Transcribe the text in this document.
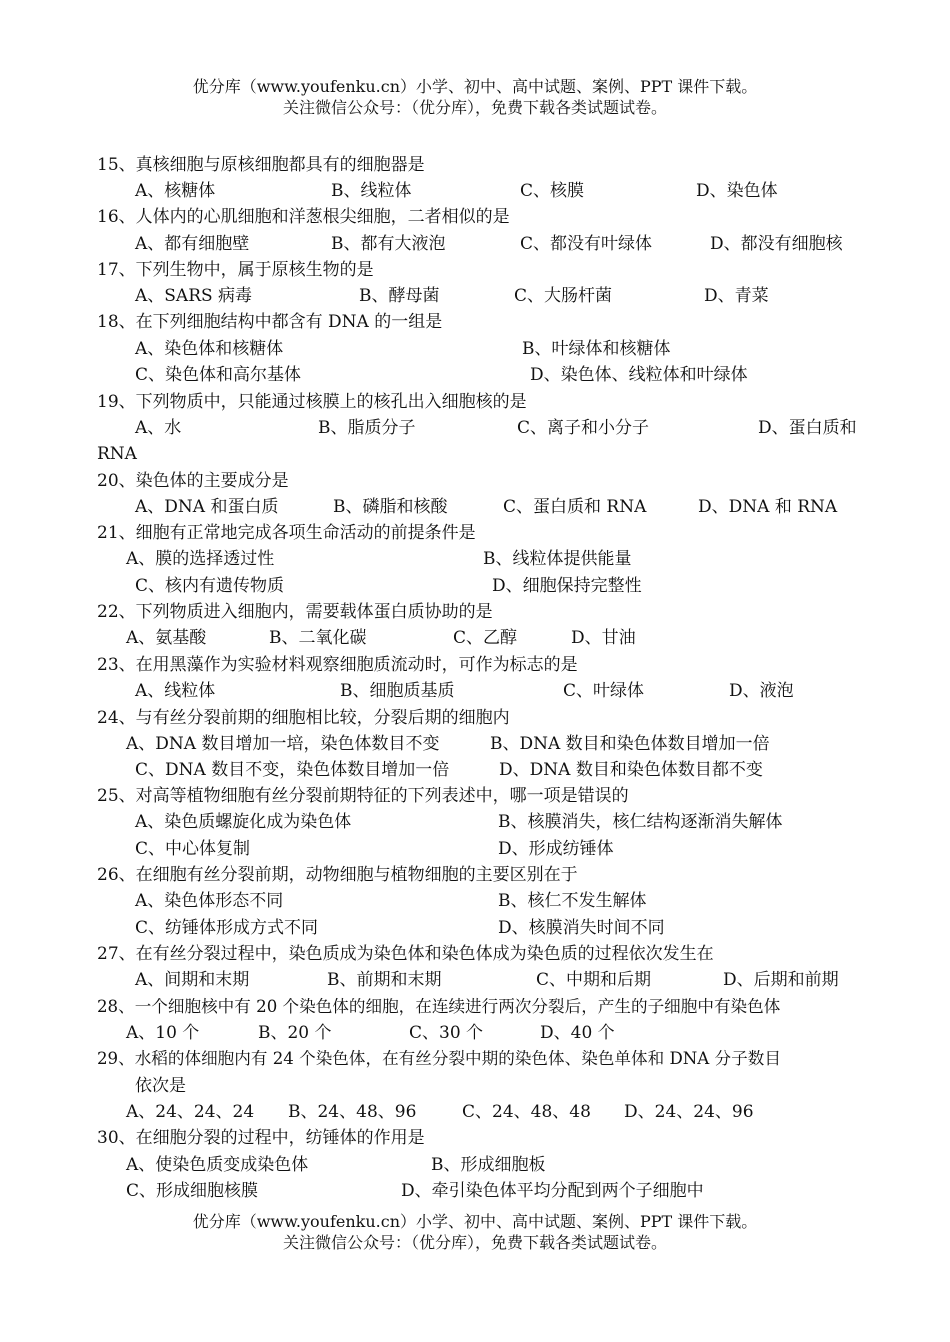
优分库（www.youfenku.cn）小学、初中、高中试题、案例、PPT 课件下载。
关注微信公众号：（优分库），免费下载各类试题试卷。
15、真核细胞与原核细胞都具有的细胞器是
A、核糖体	B、线粒体	C、核膜	D、染色体
16、人体内的心肌细胞和洋葱根尖细胞，二者相似的是
A、都有细胞壁	B、都有大液泡	C、都没有叶绿体	D、都没有细胞核
17、下列生物中，属于原核生物的是
A、SARS 病毒	B、酵母菌	C、大肠杆菌	D、青菜
18、在下列细胞结构中都含有 DNA 的一组是
A、染色体和核糖体	B、叶绿体和核糖体
C、染色体和高尔基体	D、染色体、线粒体和叶绿体
19、下列物质中，只能通过核膜上的核孔出入细胞核的是
A、水	B、脂质分子	C、离子和小分子	D、蛋白质和
RNA
20、染色体的主要成分是
A、DNA 和蛋白质	B、磷脂和核酸	C、蛋白质和 RNA	D、DNA 和 RNA
21、细胞有正常地完成各项生命活动的前提条件是
A、膜的选择透过性	B、线粒体提供能量
C、核内有遗传物质	D、细胞保持完整性
22、下列物质进入细胞内，需要载体蛋白质协助的是
A、氨基酸	B、二氧化碳	C、乙醇	D、甘油
23、在用黑藻作为实验材料观察细胞质流动时，可作为标志的是
A、线粒体	B、细胞质基质	C、叶绿体	D、液泡
24、与有丝分裂前期的细胞相比较，分裂后期的细胞内
A、DNA 数目增加一培，染色体数目不变	B、DNA 数目和染色体数目增加一倍
C、DNA 数目不变，染色体数目增加一倍	D、DNA 数目和染色体数目都不变
25、对高等植物细胞有丝分裂前期特征的下列表述中，哪一项是错误的
A、染色质螺旋化成为染色体	B、核膜消失，核仁结构逐渐消失解体
C、中心体复制	D、形成纺锤体
26、在细胞有丝分裂前期，动物细胞与植物细胞的主要区别在于
A、染色体形态不同	B、核仁不发生解体
C、纺锤体形成方式不同	D、核膜消失时间不同
27、在有丝分裂过程中，染色质成为染色体和染色体成为染色质的过程依次发生在
A、间期和末期	B、前期和末期	C、中期和后期	D、后期和前期
28、一个细胞核中有 20 个染色体的细胞，在连续进行两次分裂后，产生的子细胞中有染色体
A、10 个	B、20 个	C、30 个	D、40 个
29、水稻的体细胞内有 24 个染色体，在有丝分裂中期的染色体、染色单体和 DNA 分子数目
依次是
A、24、24、24 B、24、48、96	C、24、48、48 D、24、24、96
30、在细胞分裂的过程中，纺锤体的作用是
A、使染色质变成染色体	B、形成细胞板
C、形成细胞核膜	D、牵引染色体平均分配到两个子细胞中
优分库（www.youfenku.cn）小学、初中、高中试题、案例、PPT 课件下载。
关注微信公众号：（优分库），免费下载各类试题试卷。
